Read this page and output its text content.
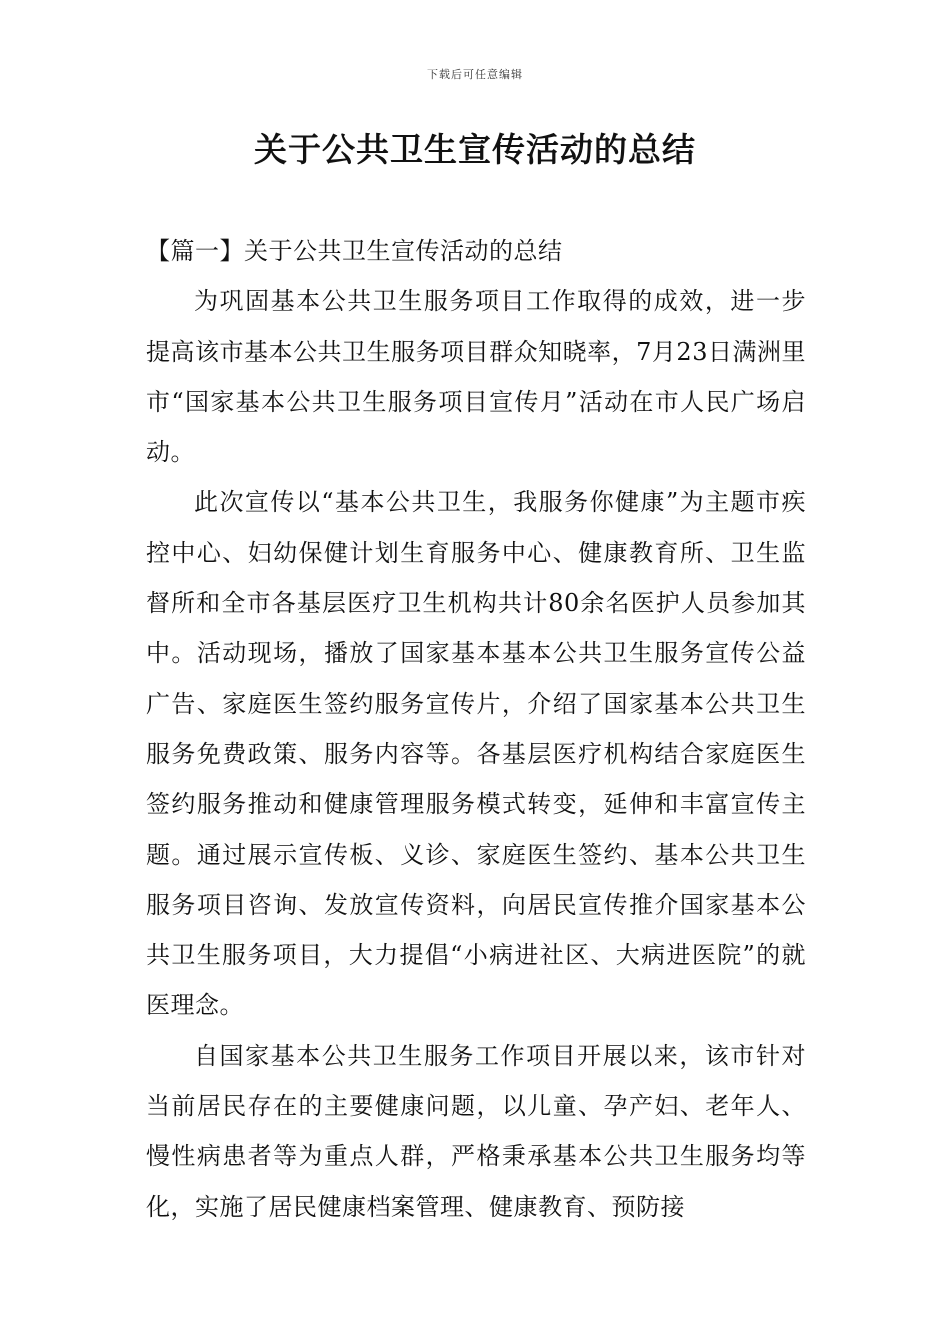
下载后可任意编辑
关于公共卫生宣传活动的总结

【篇一】关于公共卫生宣传活动的总结

为巩固基本公共卫生服务项目工作取得的成效，进一步提高该市基本公共卫生服务项目群众知晓率，7月23日满洲里市“国家基本公共卫生服务项目宣传月”活动在市人民广场启动。

此次宣传以“基本公共卫生，我服务你健康”为主题市疾控中心、妇幼保健计划生育服务中心、健康教育所、卫生监督所和全市各基层医疗卫生机构共计80余名医护人员参加其中。活动现场，播放了国家基本基本公共卫生服务宣传公益广告、家庭医生签约服务宣传片，介绍了国家基本公共卫生服务免费政策、服务内容等。各基层医疗机构结合家庭医生签约服务推动和健康管理服务模式转变，延伸和丰富宣传主题。通过展示宣传板、义诊、家庭医生签约、基本公共卫生服务项目咨询、发放宣传资料，向居民宣传推介国家基本公共卫生服务项目，大力提倡“小病进社区、大病进医院”的就医理念。

自国家基本公共卫生服务工作项目开展以来，该市针对当前居民存在的主要健康问题，以儿童、孕产妇、老年人、慢性病患者等为重点人群，严格秉承基本公共卫生服务均等化，实施了居民健康档案管理、健康教育、预防接
